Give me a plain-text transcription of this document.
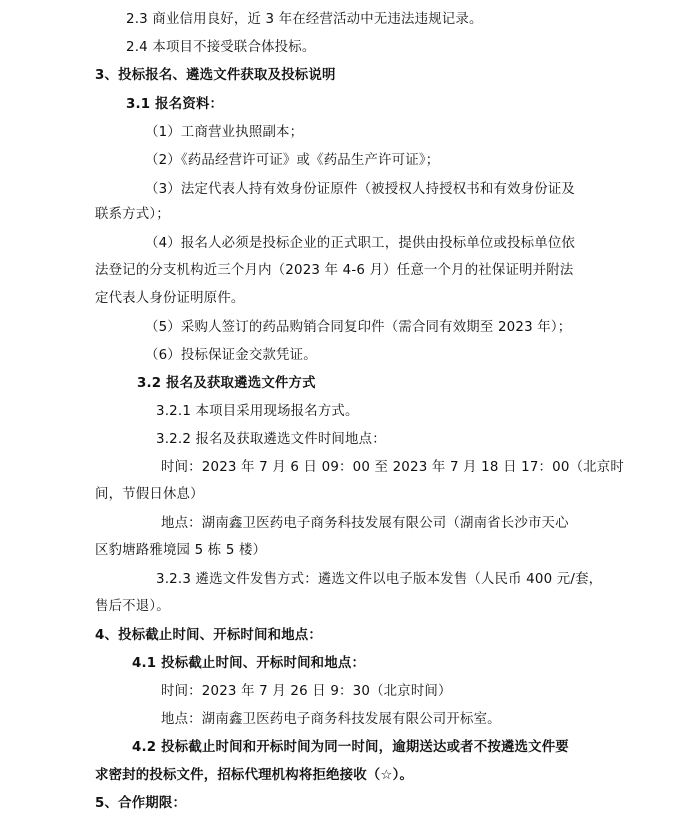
2.3 商业信用良好，近 3 年在经营活动中无违法违规记录。
2.4 本项目不接受联合体投标。
3、投标报名、遴选文件获取及投标说明
3.1 报名资料：
（1）工商营业执照副本；
（2）《药品经营许可证》或《药品生产许可证》；
（3）法定代表人持有效身份证原件（被授权人持授权书和有效身份证及
联系方式）；
（4）报名人必须是投标企业的正式职工，提供由投标单位或投标单位依
法登记的分支机构近三个月内（2023 年 4-6 月）任意一个月的社保证明并附法
定代表人身份证明原件。
（5）采购人签订的药品购销合同复印件（需合同有效期至 2023 年）；
（6）投标保证金交款凭证。
3.2 报名及获取遴选文件方式
3.2.1 本项目采用现场报名方式。
3.2.2 报名及获取遴选文件时间地点：
时间：2023 年 7 月 6 日 09：00 至 2023 年 7 月 18 日 17：00（北京时
间，节假日休息）
地点：湖南鑫卫医药电子商务科技发展有限公司（湖南省长沙市天心
区豹塘路雅境园 5 栋 5 楼）
3.2.3 遴选文件发售方式：遴选文件以电子版本发售（人民币 400 元/套，
售后不退）。
4、投标截止时间、开标时间和地点：
4.1 投标截止时间、开标时间和地点：
时间：2023 年 7 月 26 日 9：30（北京时间）
地点：湖南鑫卫医药电子商务科技发展有限公司开标室。
4.2 投标截止时间和开标时间为同一时间，逾期送达或者不按遴选文件要
求密封的投标文件，招标代理机构将拒绝接收（☆）。
5、合作期限：
